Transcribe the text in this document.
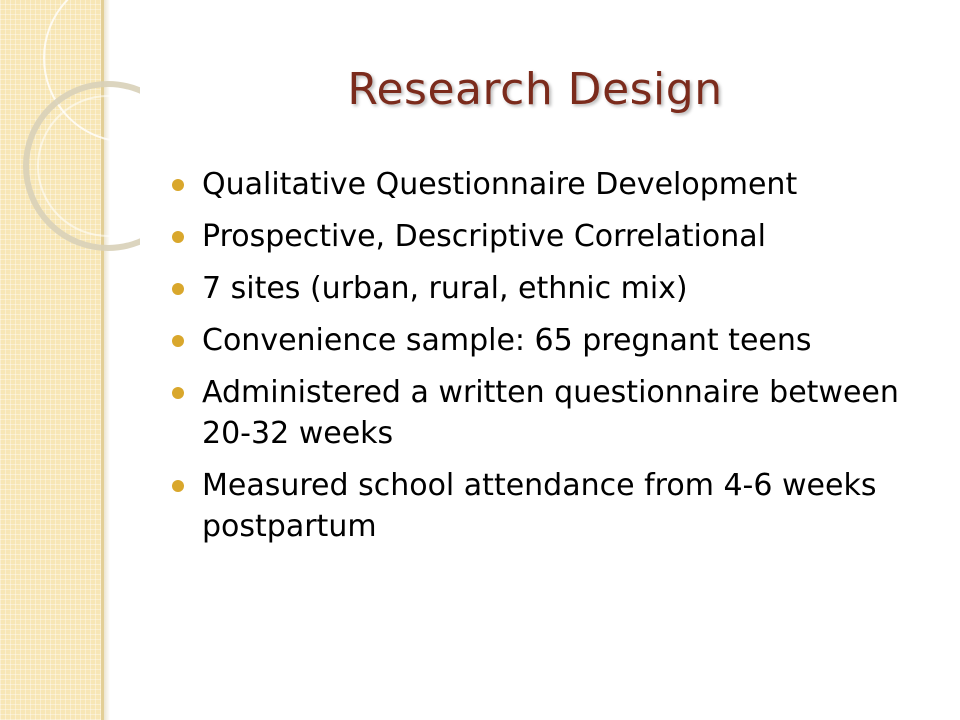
Research Design
Qualitative Questionnaire Development
Prospective, Descriptive Correlational
7 sites (urban, rural, ethnic mix)
Convenience sample: 65 pregnant teens
Administered a written questionnaire between 20-32 weeks
Measured school attendance from 4-6 weeks postpartum
